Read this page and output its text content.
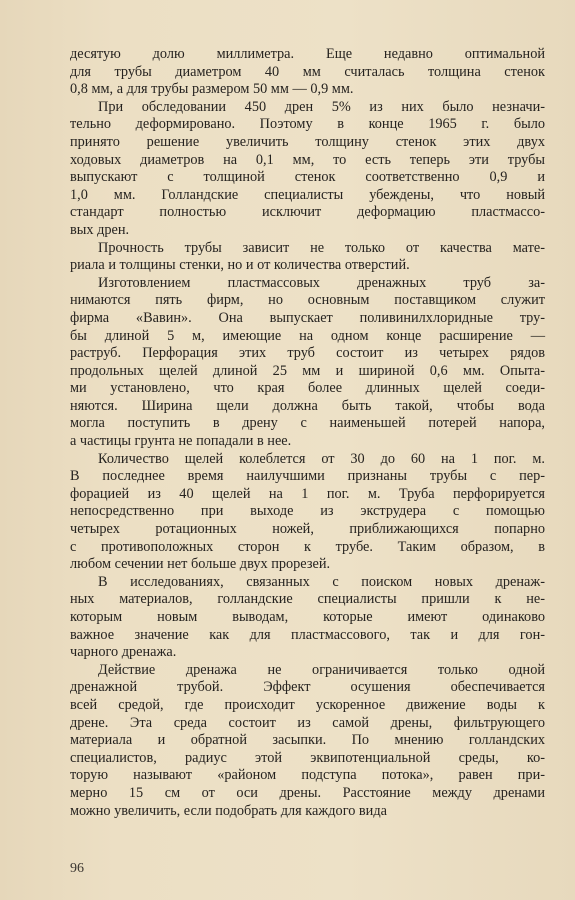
десятую долю миллиметра. Еще недавно оптимальной
для трубы диаметром 40 мм считалась толщина стенок
0,8 мм, а для трубы размером 50 мм — 0,9 мм.
При обследовании 450 дрен 5% из них было незначи-
тельно деформировано. Поэтому в конце 1965 г. было
принято решение увеличить толщину стенок этих двух
ходовых диаметров на 0,1 мм, то есть теперь эти трубы
выпускают с толщиной стенок соответственно 0,9 и
1,0 мм. Голландские специалисты убеждены, что новый
стандарт полностью исключит деформацию пластмассо-
вых дрен.
Прочность трубы зависит не только от качества мате-
риала и толщины стенки, но и от количества отверстий.
Изготовлением пластмассовых дренажных труб за-
нимаются пять фирм, но основным поставщиком служит
фирма «Вавин». Она выпускает поливинилхлоридные тру-
бы длиной 5 м, имеющие на одном конце расширение —
раструб. Перфорация этих труб состоит из четырех рядов
продольных щелей длиной 25 мм и шириной 0,6 мм. Опыта-
ми установлено, что края более длинных щелей соеди-
няются. Ширина щели должна быть такой, чтобы вода
могла поступить в дрену с наименьшей потерей напора,
а частицы грунта не попадали в нее.
Количество щелей колеблется от 30 до 60 на 1 пог. м.
В последнее время наилучшими признаны трубы с пер-
форацией из 40 щелей на 1 пог. м. Труба перфорируется
непосредственно при выходе из экструдера с помощью
четырех ротационных ножей, приближающихся попарно
с противоположных сторон к трубе. Таким образом, в
любом сечении нет больше двух прорезей.
В исследованиях, связанных с поиском новых дренаж-
ных материалов, голландские специалисты пришли к не-
которым новым выводам, которые имеют одинаково
важное значение как для пластмассового, так и для гон-
чарного дренажа.
Действие дренажа не ограничивается только одной
дренажной трубой. Эффект осушения обеспечивается
всей средой, где происходит ускоренное движение воды к
дрене. Эта среда состоит из самой дрены, фильтрующего
материала и обратной засыпки. По мнению голландских
специалистов, радиус этой эквипотенциальной среды, ко-
торую называют «районом подступа потока», равен при-
мерно 15 см от оси дрены. Расстояние между дренами
можно увеличить, если подобрать для каждого вида
96
